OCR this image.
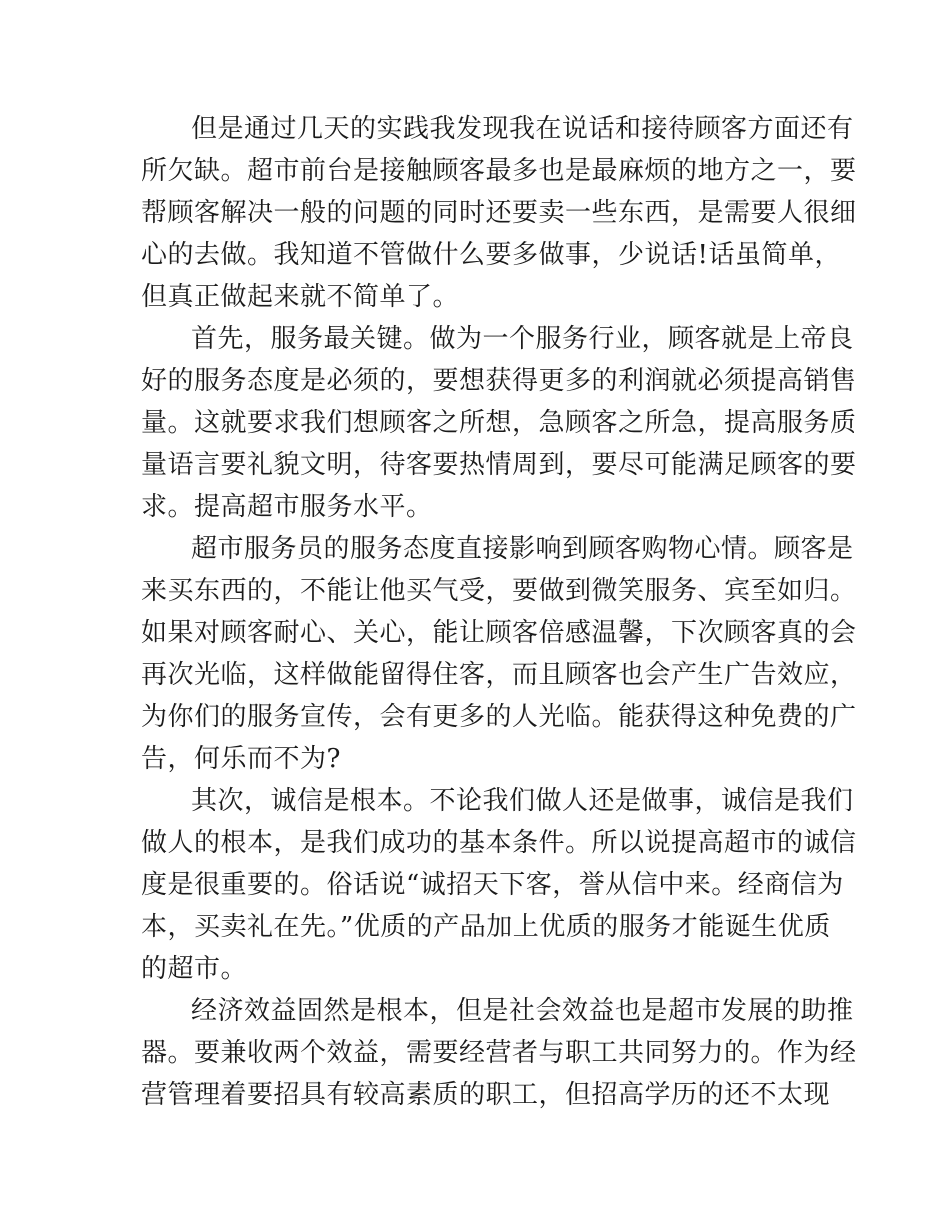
但是通过几天的实践我发现我在说话和接待顾客方面还有
所欠缺。超市前台是接触顾客最多也是最麻烦的地方之一，要
帮顾客解决一般的问题的同时还要卖一些东西，是需要人很细
心的去做。我知道不管做什么要多做事，少说话!话虽简单，
但真正做起来就不简单了。
首先，服务最关键。做为一个服务行业，顾客就是上帝良
好的服务态度是必须的，要想获得更多的利润就必须提高销售
量。这就要求我们想顾客之所想，急顾客之所急，提高服务质
量语言要礼貌文明，待客要热情周到，要尽可能满足顾客的要
求。提高超市服务水平。
超市服务员的服务态度直接影响到顾客购物心情。顾客是
来买东西的，不能让他买气受，要做到微笑服务、宾至如归。
如果对顾客耐心、关心，能让顾客倍感温馨，下次顾客真的会
再次光临，这样做能留得住客，而且顾客也会产生广告效应，
为你们的服务宣传，会有更多的人光临。能获得这种免费的广
告，何乐而不为?
其次，诚信是根本。不论我们做人还是做事，诚信是我们
做人的根本，是我们成功的基本条件。所以说提高超市的诚信
度是很重要的。俗话说“诚招天下客，誉从信中来。经商信为
本，买卖礼在先。”优质的产品加上优质的服务才能诞生优质
的超市。
经济效益固然是根本，但是社会效益也是超市发展的助推
器。要兼收两个效益，需要经营者与职工共同努力的。作为经
营管理着要招具有较高素质的职工，但招高学历的还不太现
